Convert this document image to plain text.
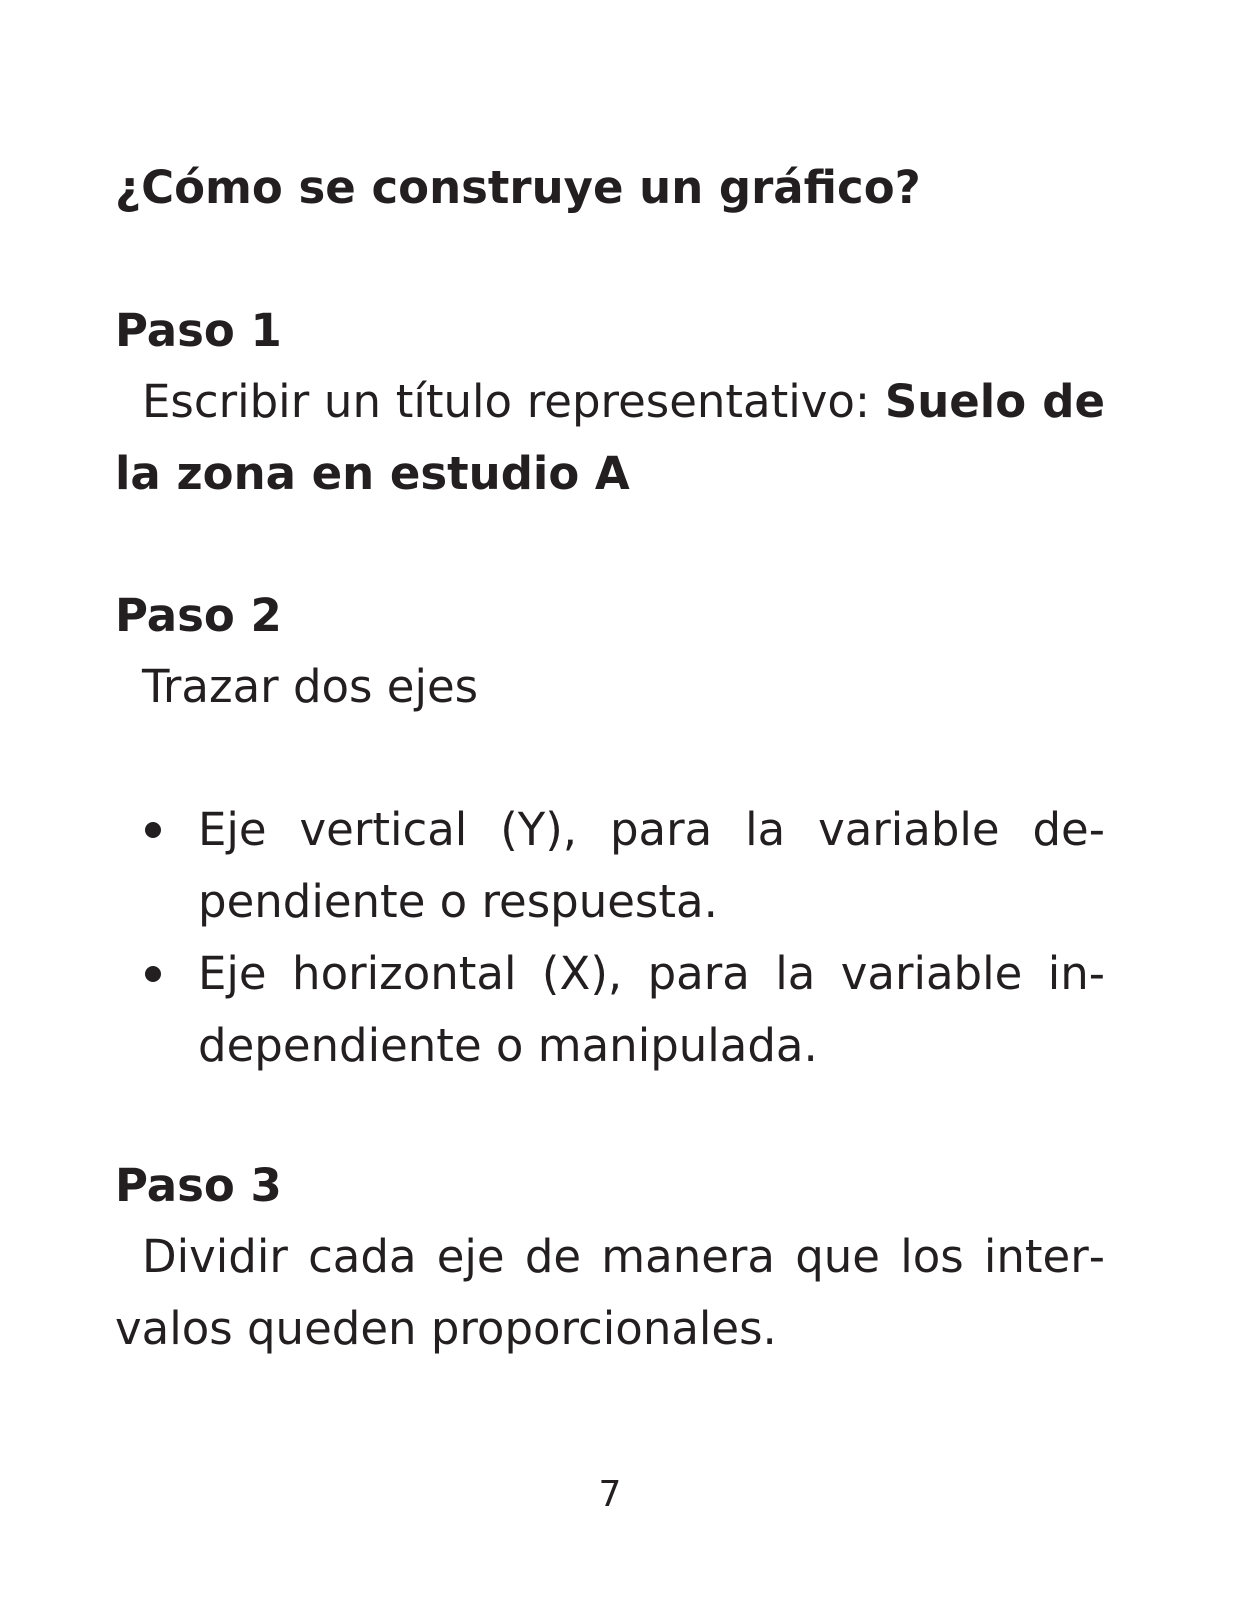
¿Cómo se construye un gráfico?
Paso 1

Escribir un título representativo: Suelo de la zona en estudio A

Paso 2

Trazar dos ejes

Eje vertical (Y), para la variable dependiente o respuesta.
Eje horizontal (X), para la variable independiente o manipulada.
Paso 3

Dividir cada eje de manera que los intervalos queden proporcionales.

7
